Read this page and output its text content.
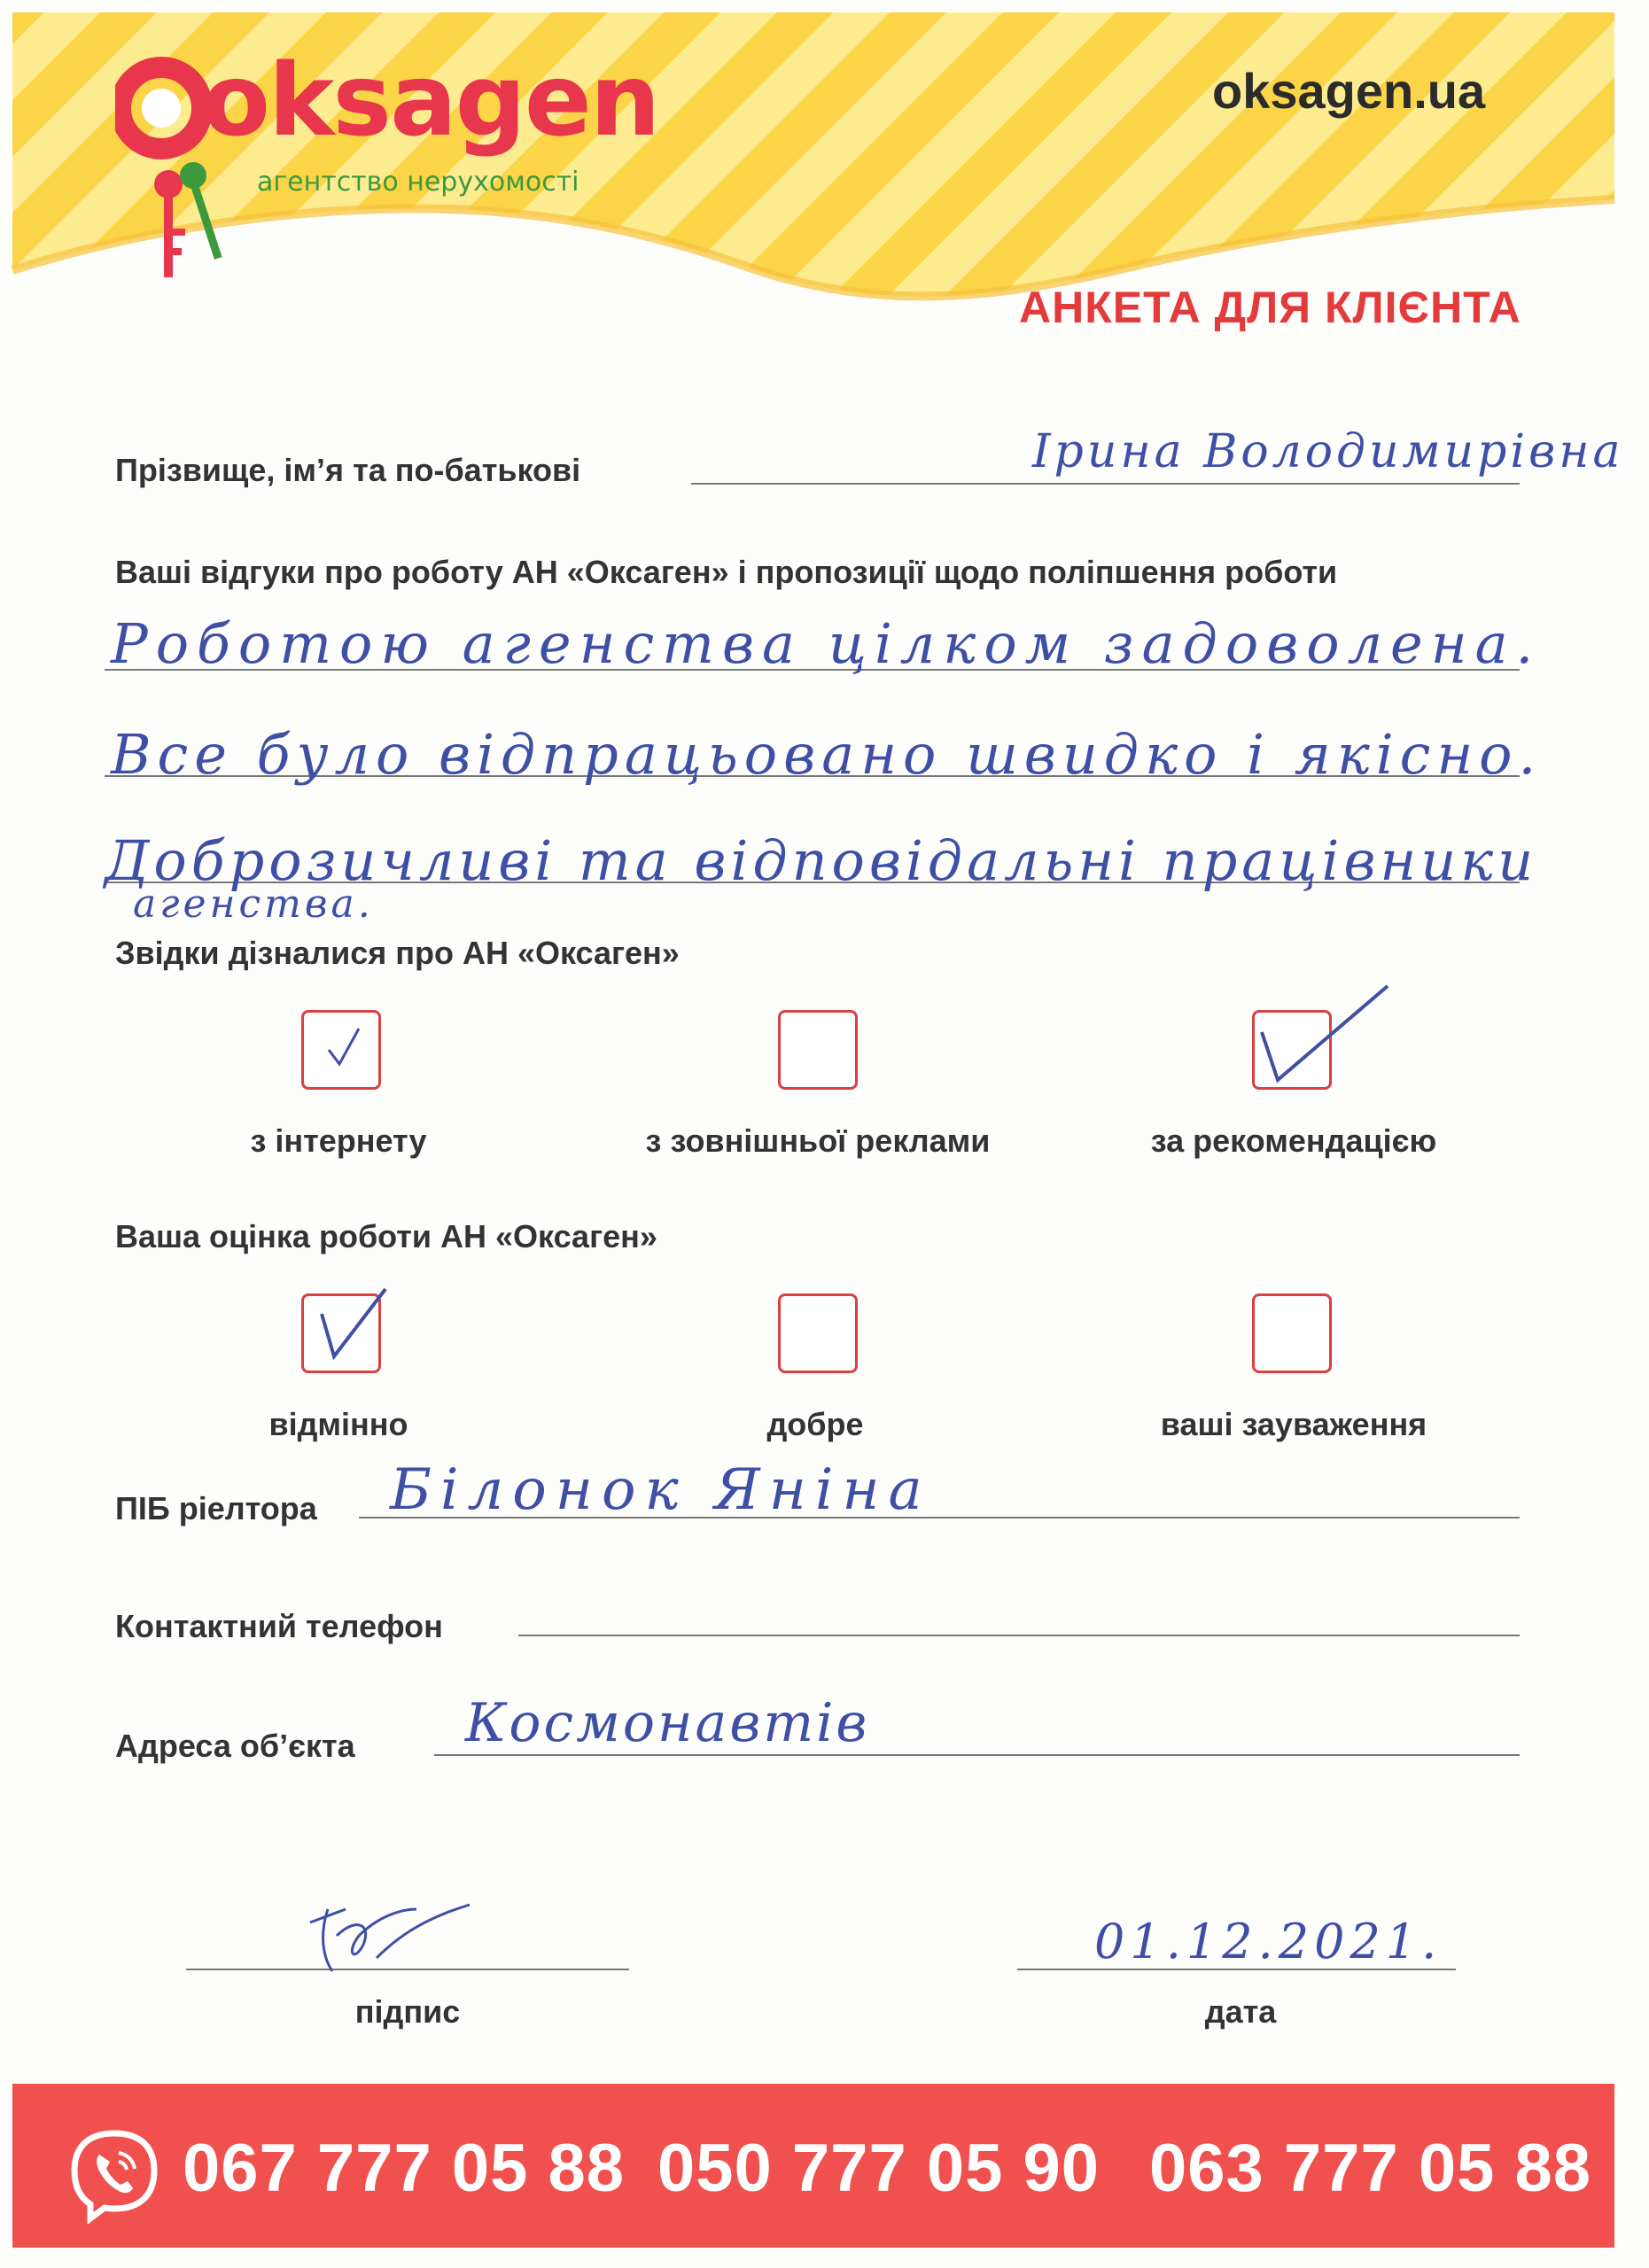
oksagen
агентство нерухомості
oksagen.ua
АНКЕТА ДЛЯ КЛІЄНТА
Прізвище, ім’я та по-батькові	Ірина Володимирівна
Ваші відгуки про роботу АН «Оксаген» і пропозиції щодо поліпшення роботи
Роботою агенства цілком задоволена.
Все було відпрацьовано швидко і якісно.
Доброзичливі та відповідальні працівники
агенства.
Звідки дізналися про АН «Оксаген»
з інтернету	з зовнішньої реклами	за рекомендацією
Ваша оцінка роботи АН «Оксаген»
відмінно	добре	ваші зауваження
ПІБ ріелтора Білонок Яніна
Контактний телефон
Адреса об’єкта Космонавтів
підпис
01.12.2021.
дата
067 777 05 88 050 777 05 90 063 777 05 88
